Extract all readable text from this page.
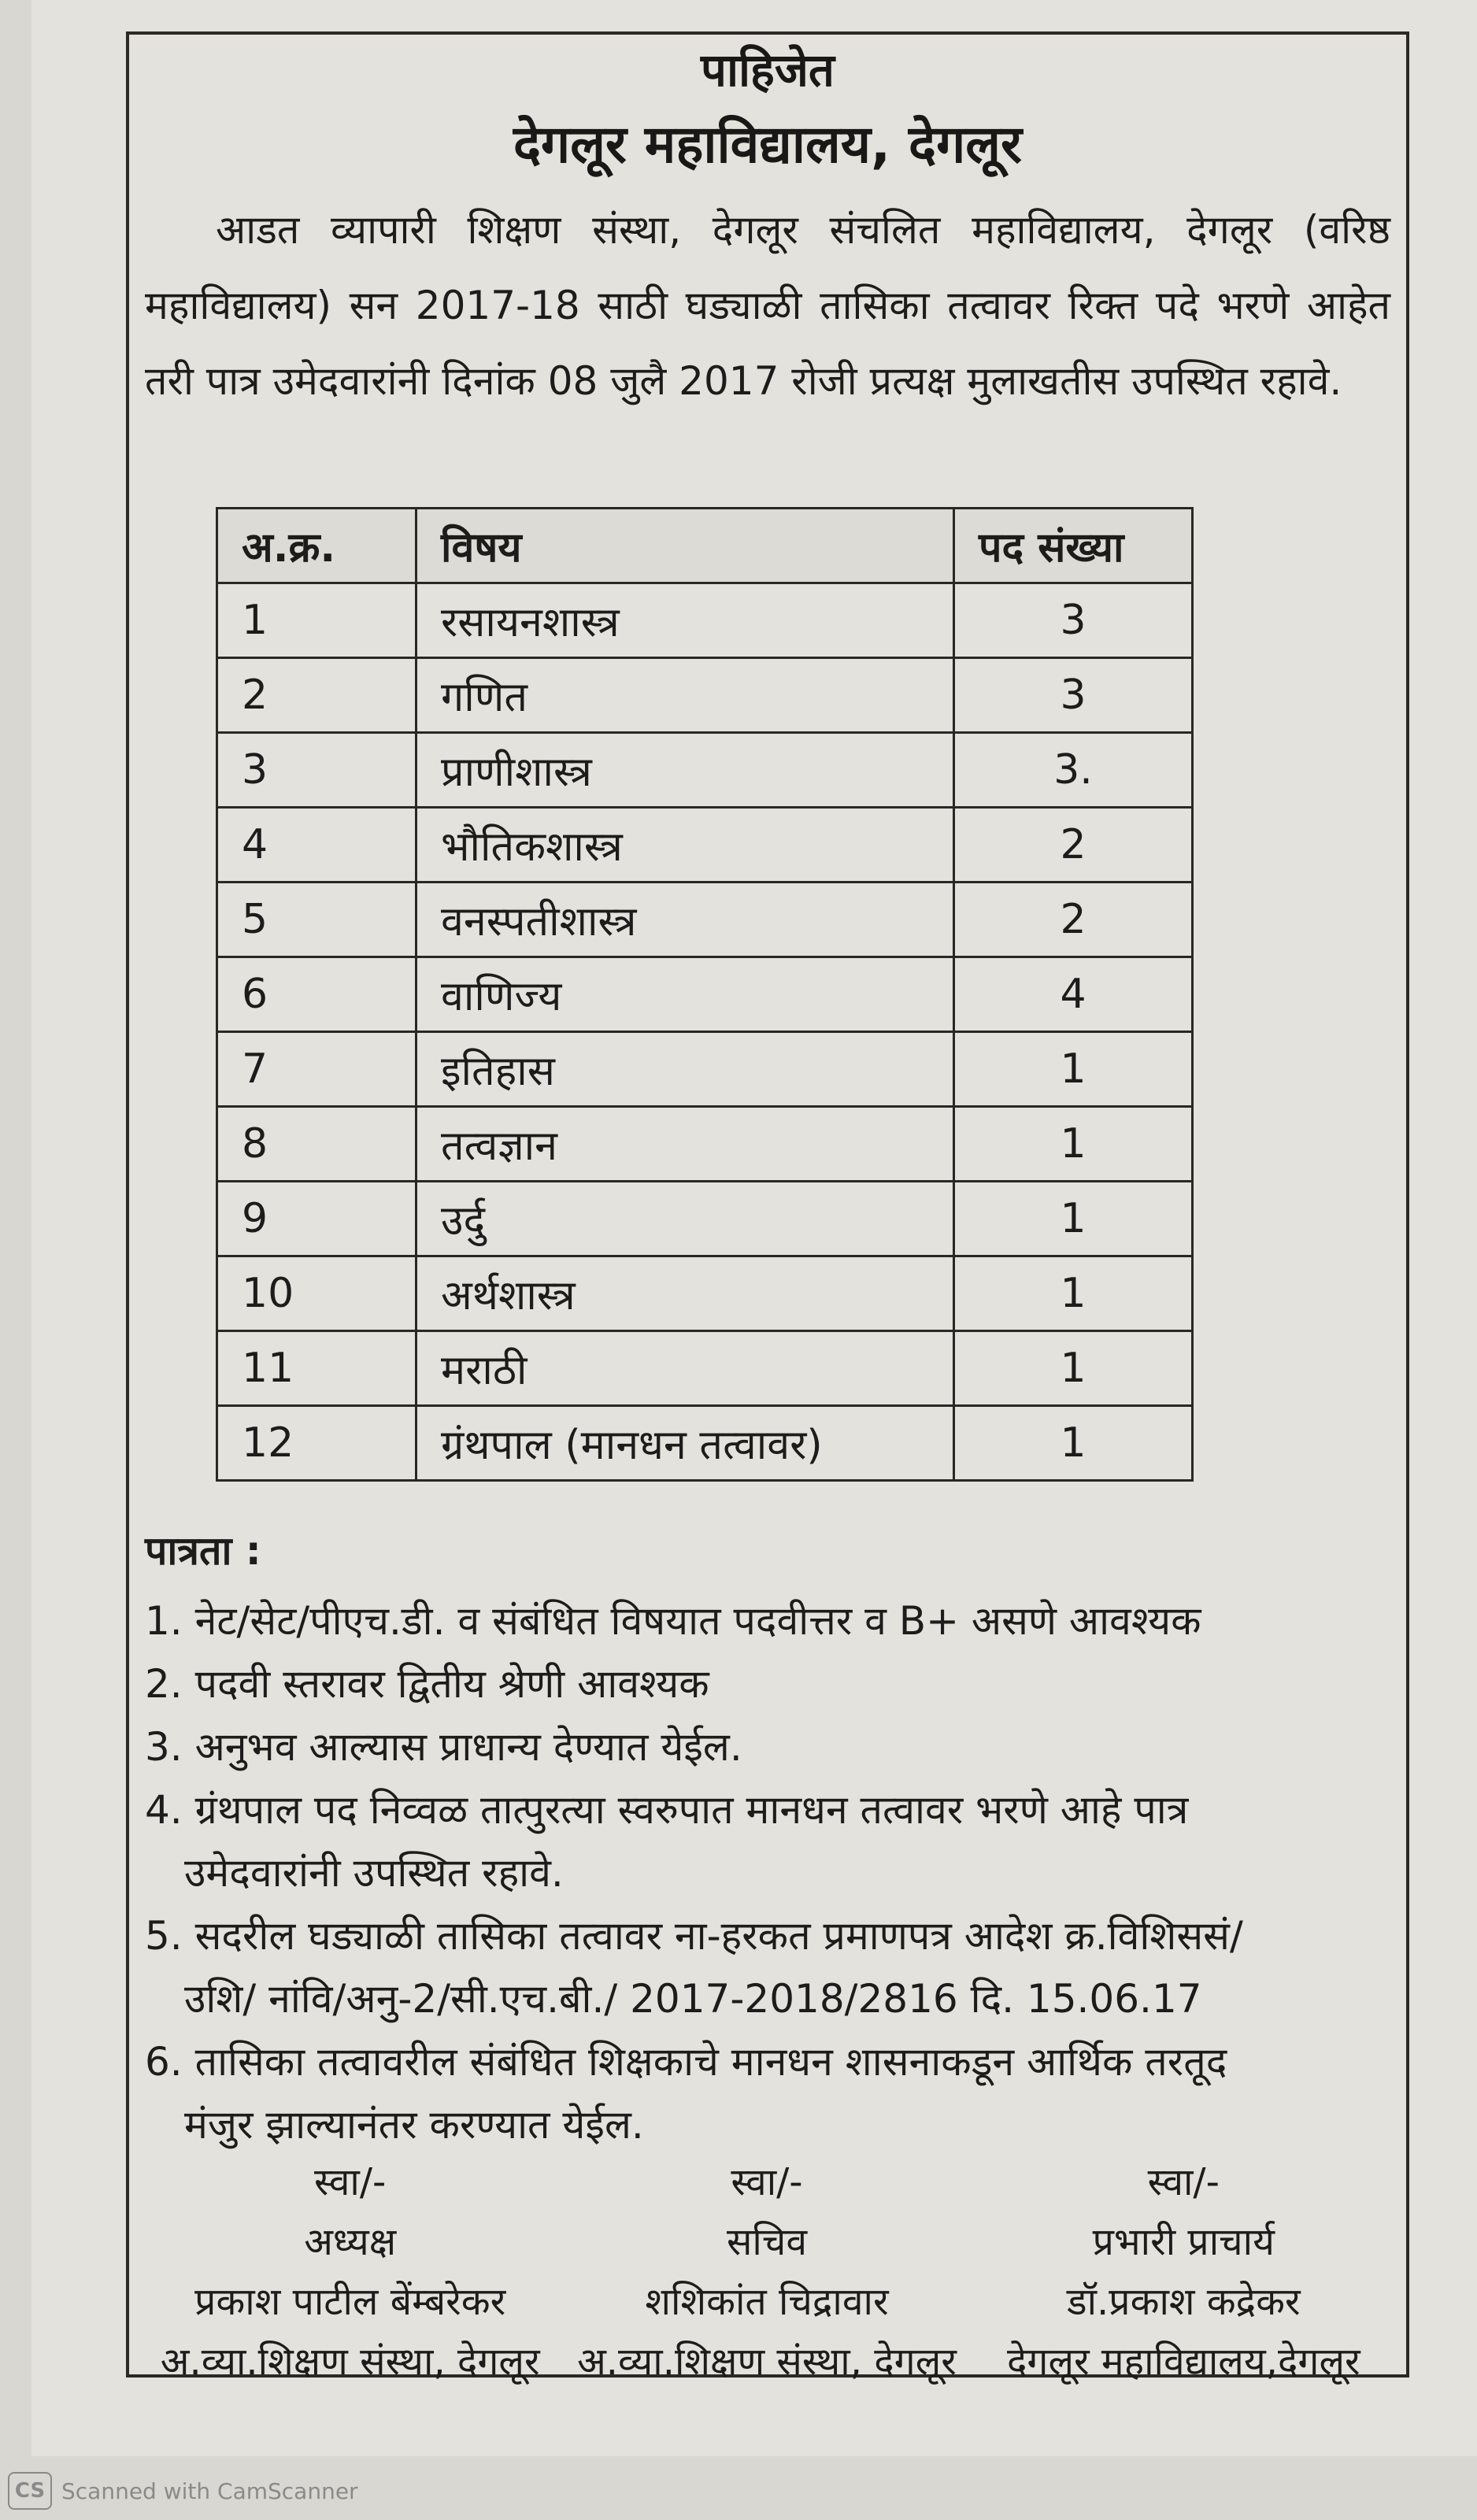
पाहिजेत
देगलूर महाविद्यालय, देगलूर
आडत व्यापारी शिक्षण संस्था, देगलूर संचलित महाविद्यालय, देगलूर (वरिष्ठ महाविद्यालय) सन 2017-18 साठी घड्याळी तासिका तत्वावर रिक्त पदे भरणे आहेत तरी पात्र उमेदवारांनी दिनांक 08 जुलै 2017 रोजी प्रत्यक्ष मुलाखतीस उपस्थित रहावे.
अ.क्र.	विषय	पद संख्या
1	रसायनशास्त्र	3
2	गणित	3
3	प्राणीशास्त्र	3.
4	भौतिकशास्त्र	2
5	वनस्पतीशास्त्र	2
6	वाणिज्य	4
7	इतिहास	1
8	तत्वज्ञान	1
9	उर्दु	1
10	अर्थशास्त्र	1
11	मराठी	1
12	ग्रंथपाल (मानधन तत्वावर)	1
पात्रता :
1. नेट/सेट/पीएच.डी. व संबंधित विषयात पदवीत्तर व B+ असणे आवश्यक
2. पदवी स्तरावर द्वितीय श्रेणी आवश्यक
3. अनुभव आल्यास प्राधान्य देण्यात येईल.
4. ग्रंथपाल पद निव्वळ तात्पुरत्या स्वरुपात मानधन तत्वावर भरणे आहे पात्र
उमेदवारांनी उपस्थित रहावे.
5. सदरील घड्याळी तासिका तत्वावर ना-हरकत प्रमाणपत्र आदेश क्र.विशिससं/
उशि/ नांवि/अनु-2/सी.एच.बी./ 2017-2018/2816 दि. 15.06.17
6. तासिका तत्वावरील संबंधित शिक्षकाचे मानधन शासनाकडून आर्थिक तरतूद
मंजुर झाल्यानंतर करण्यात येईल.
स्वा/-
अध्यक्ष
प्रकाश पाटील बेंम्बरेकर
अ.व्या.शिक्षण संस्था, देगलूर
स्वा/-
सचिव
शशिकांत चिद्रावार
अ.व्या.शिक्षण संस्था, देगलूर
स्वा/-
प्रभारी प्राचार्य
डॉ.प्रकाश कद्रेकर
देगलूर महाविद्यालय,देगलूर
CS Scanned with CamScanner
